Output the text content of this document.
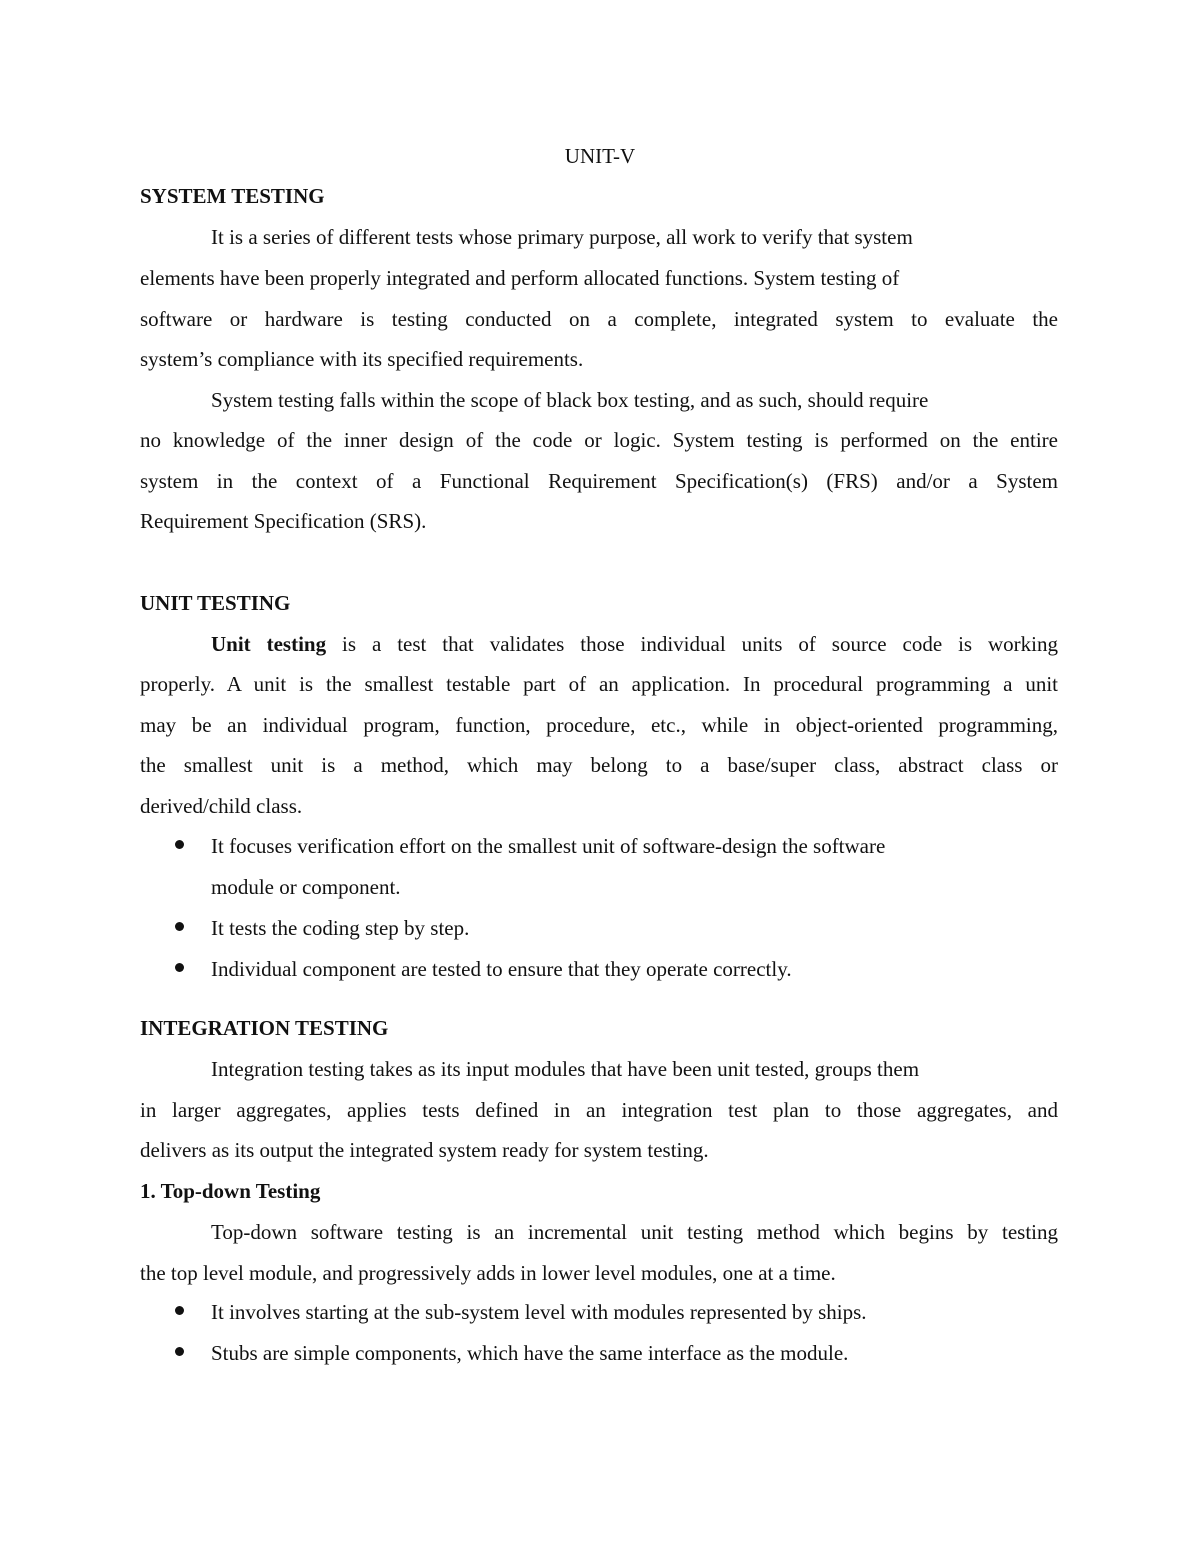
UNIT-V
SYSTEM TESTING
It is a series of different tests whose primary purpose, all work to verify that system
elements have been properly integrated and perform allocated functions. System testing of
software or hardware is testing conducted on a complete, integrated system to evaluate the
system’s compliance with its specified requirements.
System testing falls within the scope of black box testing, and as such, should require
no knowledge of the inner design of the code or logic. System testing is performed on the entire
system in the context of a Functional Requirement Specification(s) (FRS) and/or a System
Requirement Specification (SRS).
UNIT TESTING
Unit testing is a test that validates those individual units of source code is working
properly. A unit is the smallest testable part of an application. In procedural programming a unit
may be an individual program, function, procedure, etc., while in object-oriented programming,
the smallest unit is a method, which may belong to a base/super class, abstract class or
derived/child class.
It focuses verification effort on the smallest unit of software-design the software
module or component.
It tests the coding step by step.
Individual component are tested to ensure that they operate correctly.
INTEGRATION TESTING
Integration testing takes as its input modules that have been unit tested, groups them
in larger aggregates, applies tests defined in an integration test plan to those aggregates, and
delivers as its output the integrated system ready for system testing.
1. Top-down Testing
Top-down software testing is an incremental unit testing method which begins by testing
the top level module, and progressively adds in lower level modules, one at a time.
It involves starting at the sub-system level with modules represented by ships.
Stubs are simple components, which have the same interface as the module.
